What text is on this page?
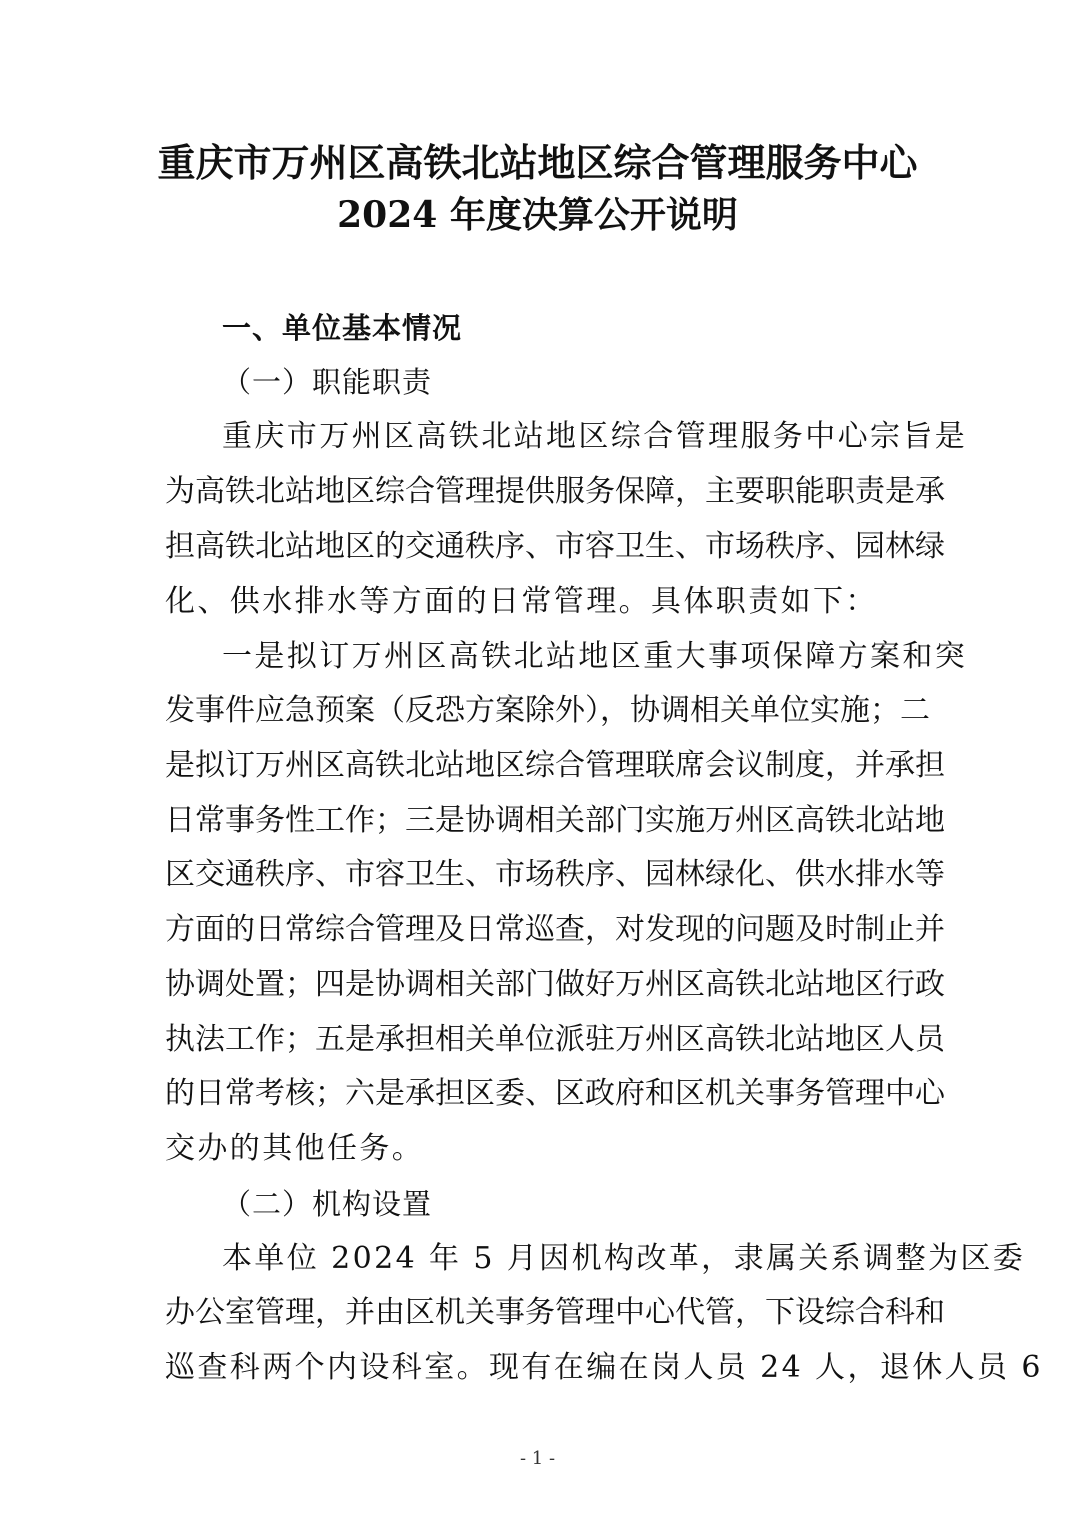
重庆市万州区高铁北站地区综合管理服务中心
2024 年度决算公开说明
一、单位基本情况
（一）职能职责
重庆市万州区高铁北站地区综合管理服务中心宗旨是
为高铁北站地区综合管理提供服务保障，主要职能职责是承
担高铁北站地区的交通秩序、市容卫生、市场秩序、园林绿
化、供水排水等方面的日常管理。具体职责如下：
一是拟订万州区高铁北站地区重大事项保障方案和突
发事件应急预案（反恐方案除外），协调相关单位实施；二
是拟订万州区高铁北站地区综合管理联席会议制度，并承担
日常事务性工作；三是协调相关部门实施万州区高铁北站地
区交通秩序、市容卫生、市场秩序、园林绿化、供水排水等
方面的日常综合管理及日常巡查，对发现的问题及时制止并
协调处置；四是协调相关部门做好万州区高铁北站地区行政
执法工作；五是承担相关单位派驻万州区高铁北站地区人员
的日常考核；六是承担区委、区政府和区机关事务管理中心
交办的其他任务。
（二）机构设置
本单位 2024 年 5 月因机构改革，隶属关系调整为区委
办公室管理，并由区机关事务管理中心代管，下设综合科和
巡查科两个内设科室。现有在编在岗人员 24 人，退休人员 6
- 1 -
